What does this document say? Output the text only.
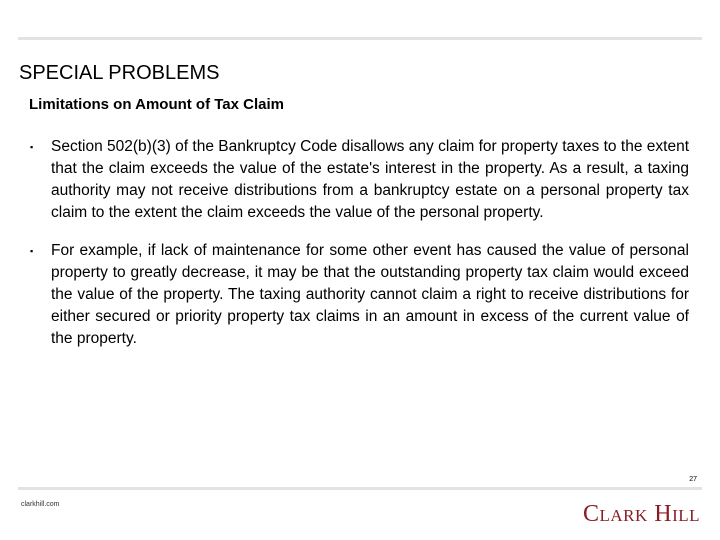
SPECIAL PROBLEMS
Limitations on Amount of Tax Claim
▪ Section 502(b)(3) of the Bankruptcy Code disallows any claim for property taxes to the extent that the claim exceeds the value of the estate's interest in the property. As a result, a taxing authority may not receive distributions from a bankruptcy estate on a personal property tax claim to the extent the claim exceeds the value of the personal property.
▪ For example, if lack of maintenance for some other event has caused the value of personal property to greatly decrease, it may be that the outstanding property tax claim would exceed the value of the property. The taxing authority cannot claim a right to receive distributions for either secured or priority property tax claims in an amount in excess of the current value of the property.
27
clarkhill.com	Clark Hill
